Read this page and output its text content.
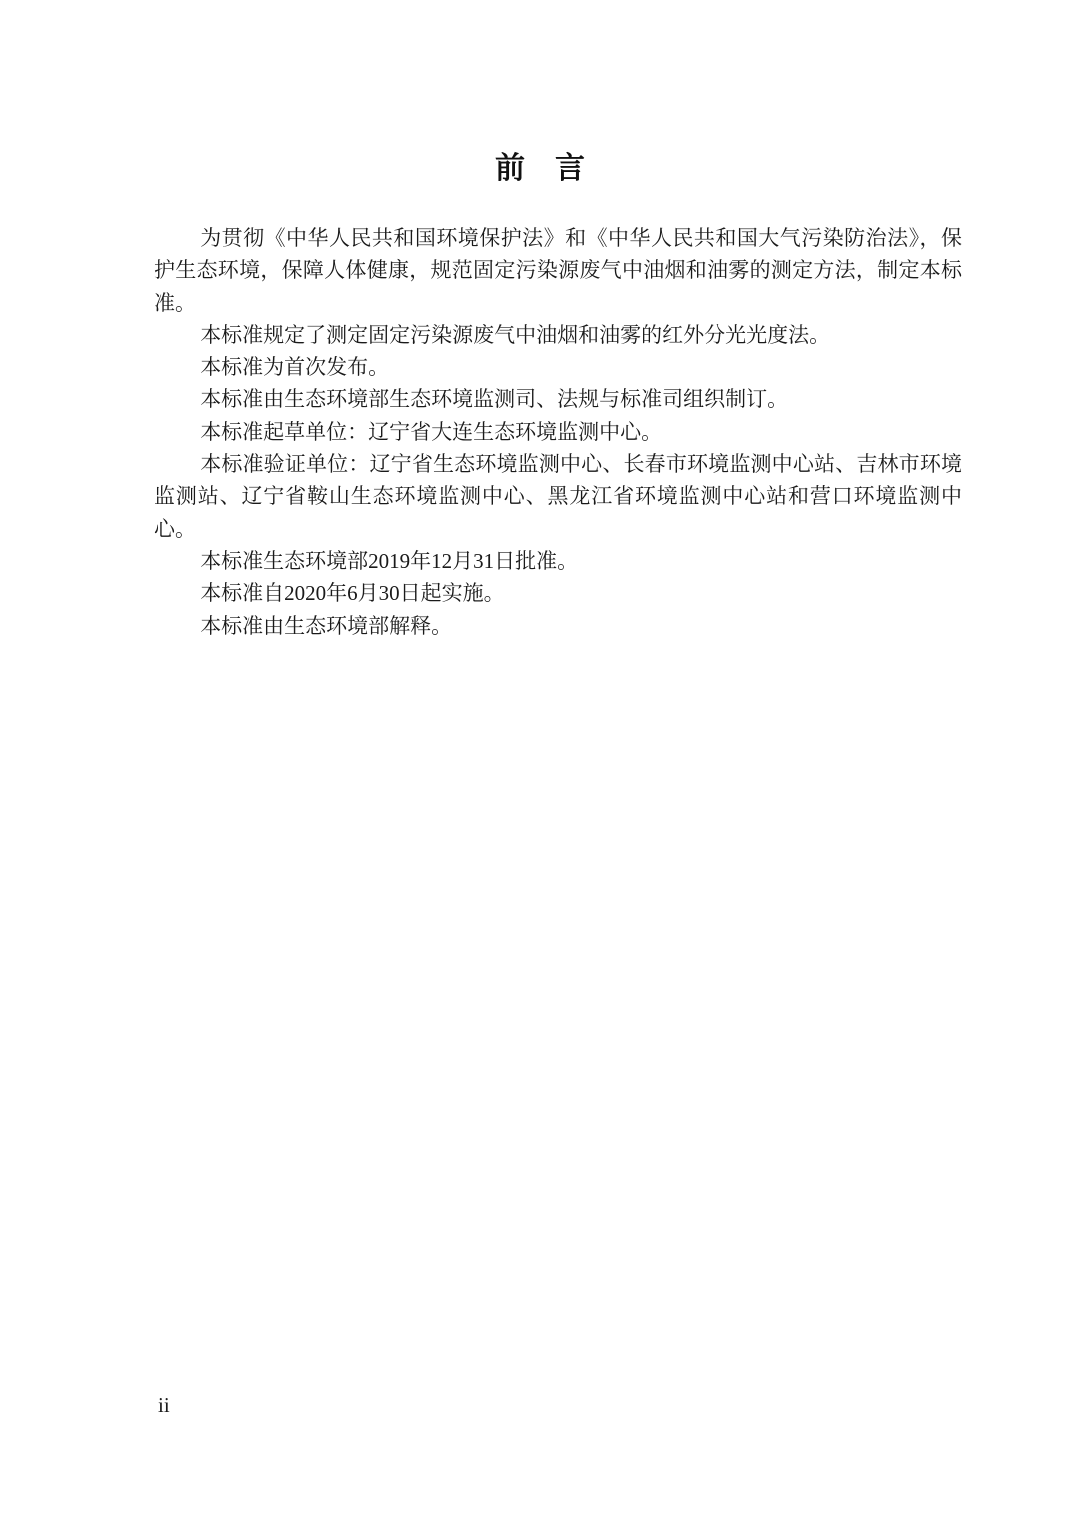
前　言

为贯彻《中华人民共和国环境保护法》和《中华人民共和国大气污染防治法》，保护生态环境，保障人体健康，规范固定污染源废气中油烟和油雾的测定方法，制定本标准。

本标准规定了测定固定污染源废气中油烟和油雾的红外分光光度法。

本标准为首次发布。

本标准由生态环境部生态环境监测司、法规与标准司组织制订。

本标准起草单位：辽宁省大连生态环境监测中心。

本标准验证单位：辽宁省生态环境监测中心、长春市环境监测中心站、吉林市环境监测站、辽宁省鞍山生态环境监测中心、黑龙江省环境监测中心站和营口环境监测中心。

本标准生态环境部2019年12月31日批准。

本标准自2020年6月30日起实施。

本标准由生态环境部解释。

ii
